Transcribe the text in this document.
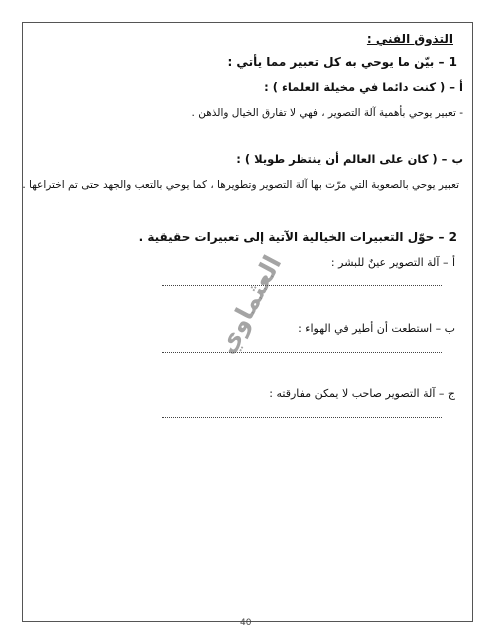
التذوق الفني :
1 – بيّن ما يوحي به كل تعبير مما يأتي :
أ – ( كنت دائما في مخيلة العلماء ) :
- تعبير يوحي بأهمية آلة التصوير ، فهي لا تفارق الخيال والذهن .
ب – ( كان على العالم أن ينتظر طويلا ) :
تعبير يوحي بالصعوبة التي مرّت بها آلة التصوير وتطويرها ، كما يوحي بالتعب والجهد حتى تم اختراعها .
2 – حوّل التعبيرات الخيالية الآتية إلى تعبيرات حقيقية .
أ – آلة التصوير عينٌ للبشر :
ب – استطعت أن أطير في الهواء :
ج – آلة التصوير صاحب لا يمكن مفارقته :
العثماوي
40
